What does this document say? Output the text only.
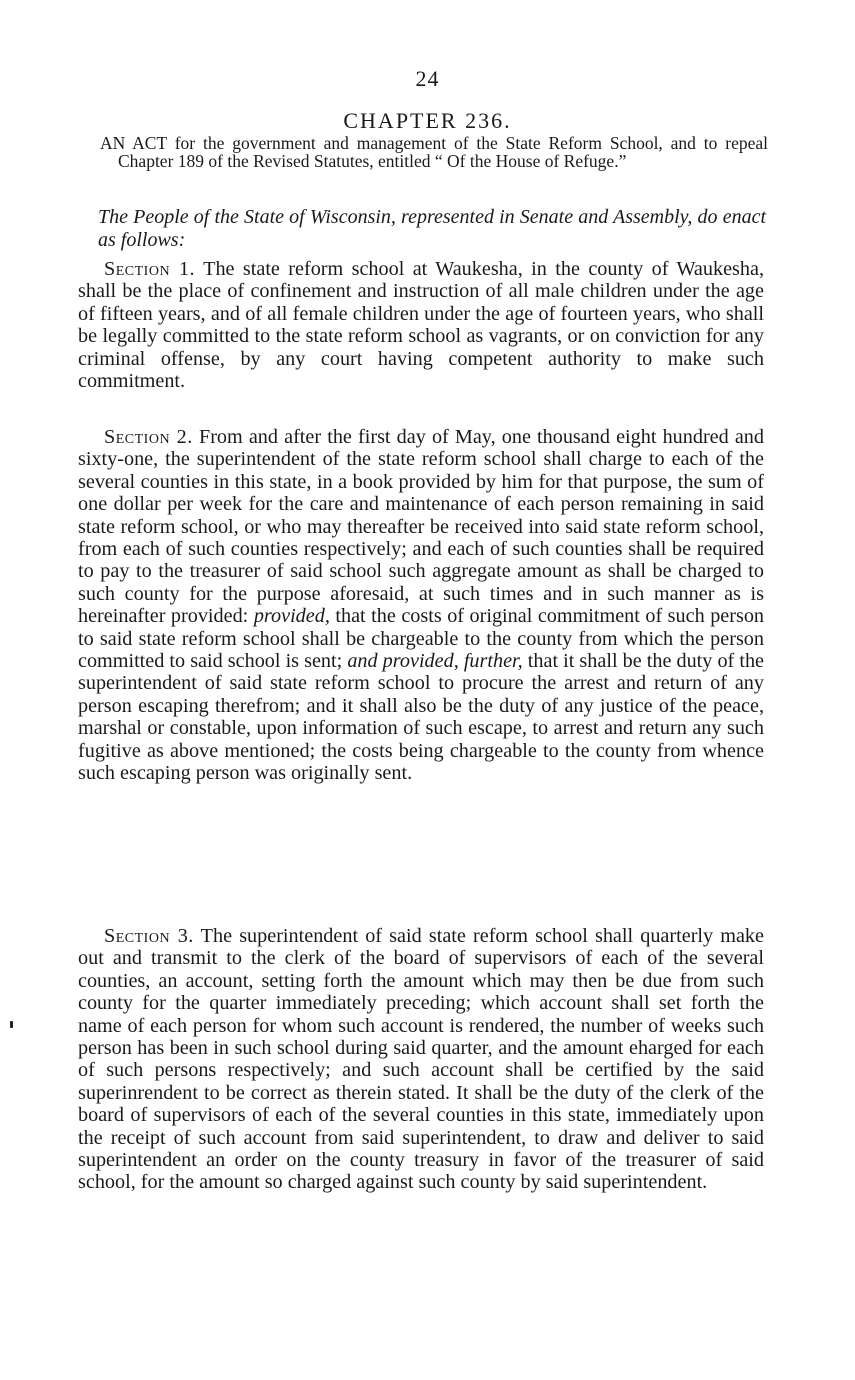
24
CHAPTER 236.
AN ACT for the government and management of the State Reform School, and to repeal Chapter 189 of the Revised Statutes, entitled “ Of the House of Refuge.”
The People of the State of Wisconsin, represented in Senate and Assembly, do enact as follows:
Section 1. The state reform school at Waukesha, in the county of Waukesha, shall be the place of confinement and instruction of all male children under the age of fifteen years, and of all female children under the age of fourteen years, who shall be legally committed to the state reform school as vagrants, or on conviction for any criminal offense, by any court having competent authority to make such commitment.
Section 2. From and after the first day of May, one thousand eight hundred and sixty-one, the superintendent of the state reform school shall charge to each of the several counties in this state, in a book provided by him for that purpose, the sum of one dollar per week for the care and maintenance of each person remaining in said state reform school, or who may thereafter be received into said state reform school, from each of such counties respectively; and each of such counties shall be required to pay to the treasurer of said school such aggregate amount as shall be charged to such county for the purpose aforesaid, at such times and in such manner as is hereinafter provided: provided, that the costs of original commitment of such person to said state reform school shall be chargeable to the county from which the person committed to said school is sent; and provided, further, that it shall be the duty of the superintendent of said state reform school to procure the arrest and return of any person escaping therefrom; and it shall also be the duty of any justice of the peace, marshal or constable, upon information of such escape, to arrest and return any such fugitive as above mentioned; the costs being chargeable to the county from whence such escaping person was originally sent.
Section 3. The superintendent of said state reform school shall quarterly make out and transmit to the clerk of the board of supervisors of each of the several counties, an account, setting forth the amount which may then be due from such county for the quarter immediately preceding; which account shall set forth the name of each person for whom such account is rendered, the number of weeks such person has been in such school during said quarter, and the amount eharged for each of such persons respectively; and such account shall be certified by the said superinrendent to be correct as therein stated. It shall be the duty of the clerk of the board of supervisors of each of the several counties in this state, immediately upon the receipt of such account from said superintendent, to draw and deliver to said superintendent an order on the county treasury in favor of the treasurer of said school, for the amount so charged against such county by said superintendent.
